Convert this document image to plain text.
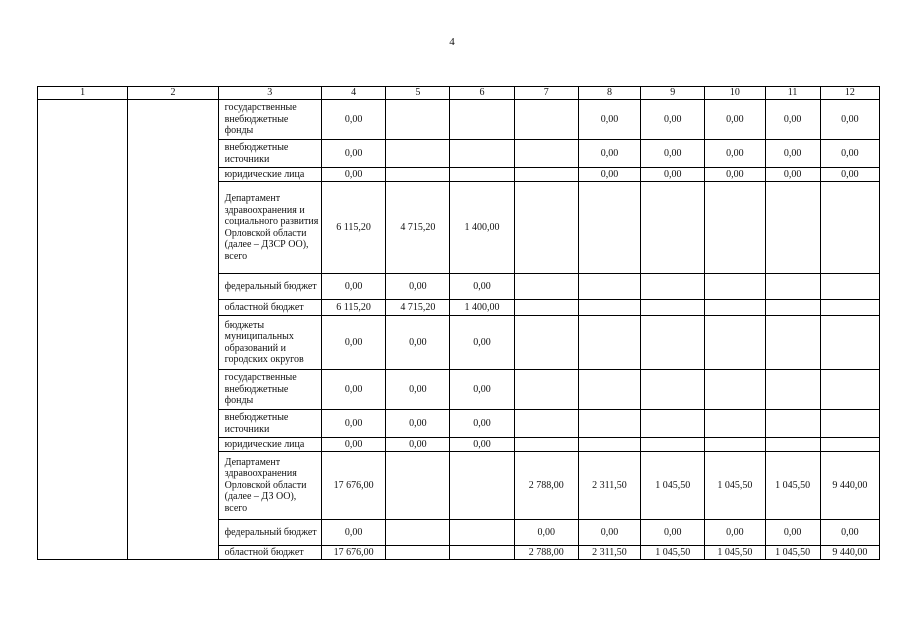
4
1	2	3	4	5	6	7	8	9	10	11	12
		государственные внебюджетные фонды	0,00				0,00	0,00	0,00	0,00	0,00
		внебюджетные источники	0,00				0,00	0,00	0,00	0,00	0,00
		юридические лица	0,00				0,00	0,00	0,00	0,00	0,00
		Департамент здравоохранения и социального развития Орловской области (далее – ДЗСР ОО), всего	6 115,20	4 715,20	1 400,00						
		федеральный бюджет	0,00	0,00	0,00						
		областной бюджет	6 115,20	4 715,20	1 400,00						
		бюджеты муниципальных образований и городских округов	0,00	0,00	0,00						
		государственные внебюджетные фонды	0,00	0,00	0,00						
		внебюджетные источники	0,00	0,00	0,00						
		юридические лица	0,00	0,00	0,00						
		Департамент здравоохранения Орловской области (далее – ДЗ ОО), всего	17 676,00			2 788,00	2 311,50	1 045,50	1 045,50	1 045,50	9 440,00
		федеральный бюджет	0,00			0,00	0,00	0,00	0,00	0,00	0,00
		областной бюджет	17 676,00			2 788,00	2 311,50	1 045,50	1 045,50	1 045,50	9 440,00
